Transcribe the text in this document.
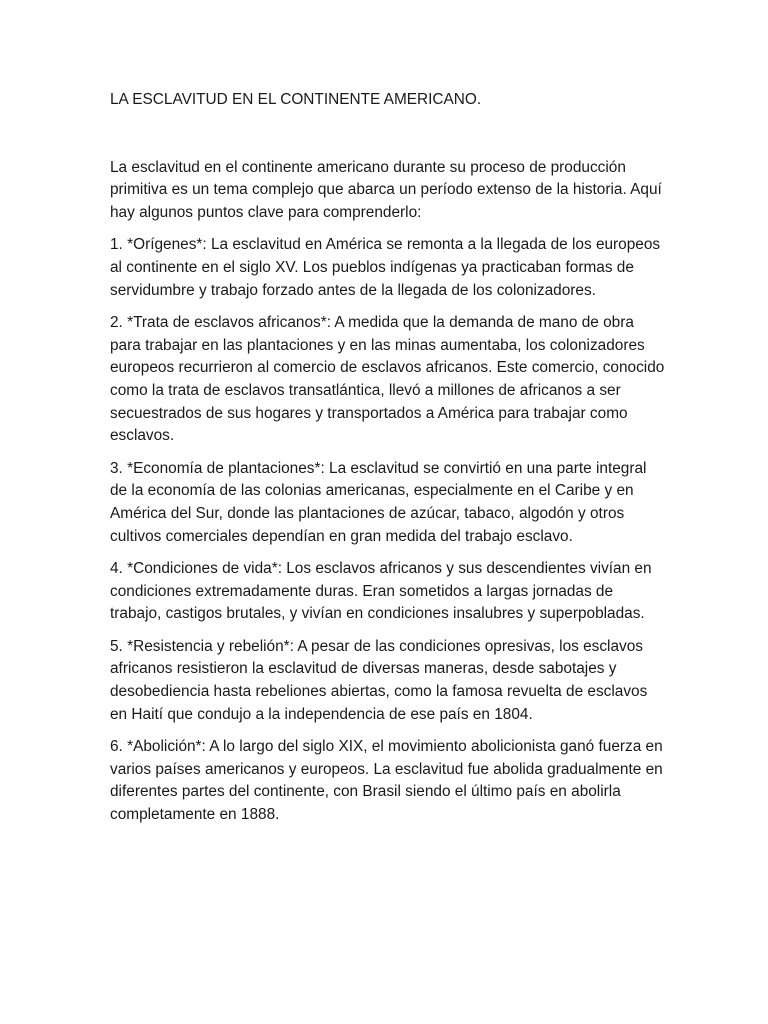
LA ESCLAVITUD EN EL CONTINENTE AMERICANO.

La esclavitud en el continente americano durante su proceso de producción primitiva es un tema complejo que abarca un período extenso de la historia. Aquí hay algunos puntos clave para comprenderlo:

1. *Orígenes*: La esclavitud en América se remonta a la llegada de los europeos al continente en el siglo XV. Los pueblos indígenas ya practicaban formas de servidumbre y trabajo forzado antes de la llegada de los colonizadores.

2. *Trata de esclavos africanos*: A medida que la demanda de mano de obra para trabajar en las plantaciones y en las minas aumentaba, los colonizadores europeos recurrieron al comercio de esclavos africanos. Este comercio, conocido como la trata de esclavos transatlántica, llevó a millones de africanos a ser secuestrados de sus hogares y transportados a América para trabajar como esclavos.

3. *Economía de plantaciones*: La esclavitud se convirtió en una parte integral de la economía de las colonias americanas, especialmente en el Caribe y en América del Sur, donde las plantaciones de azúcar, tabaco, algodón y otros cultivos comerciales dependían en gran medida del trabajo esclavo.

4. *Condiciones de vida*: Los esclavos africanos y sus descendientes vivían en condiciones extremadamente duras. Eran sometidos a largas jornadas de trabajo, castigos brutales, y vivían en condiciones insalubres y superpobladas.

5. *Resistencia y rebelión*: A pesar de las condiciones opresivas, los esclavos africanos resistieron la esclavitud de diversas maneras, desde sabotajes y desobediencia hasta rebeliones abiertas, como la famosa revuelta de esclavos en Haití que condujo a la independencia de ese país en 1804.

6. *Abolición*: A lo largo del siglo XIX, el movimiento abolicionista ganó fuerza en varios países americanos y europeos. La esclavitud fue abolida gradualmente en diferentes partes del continente, con Brasil siendo el último país en abolirla completamente en 1888.
